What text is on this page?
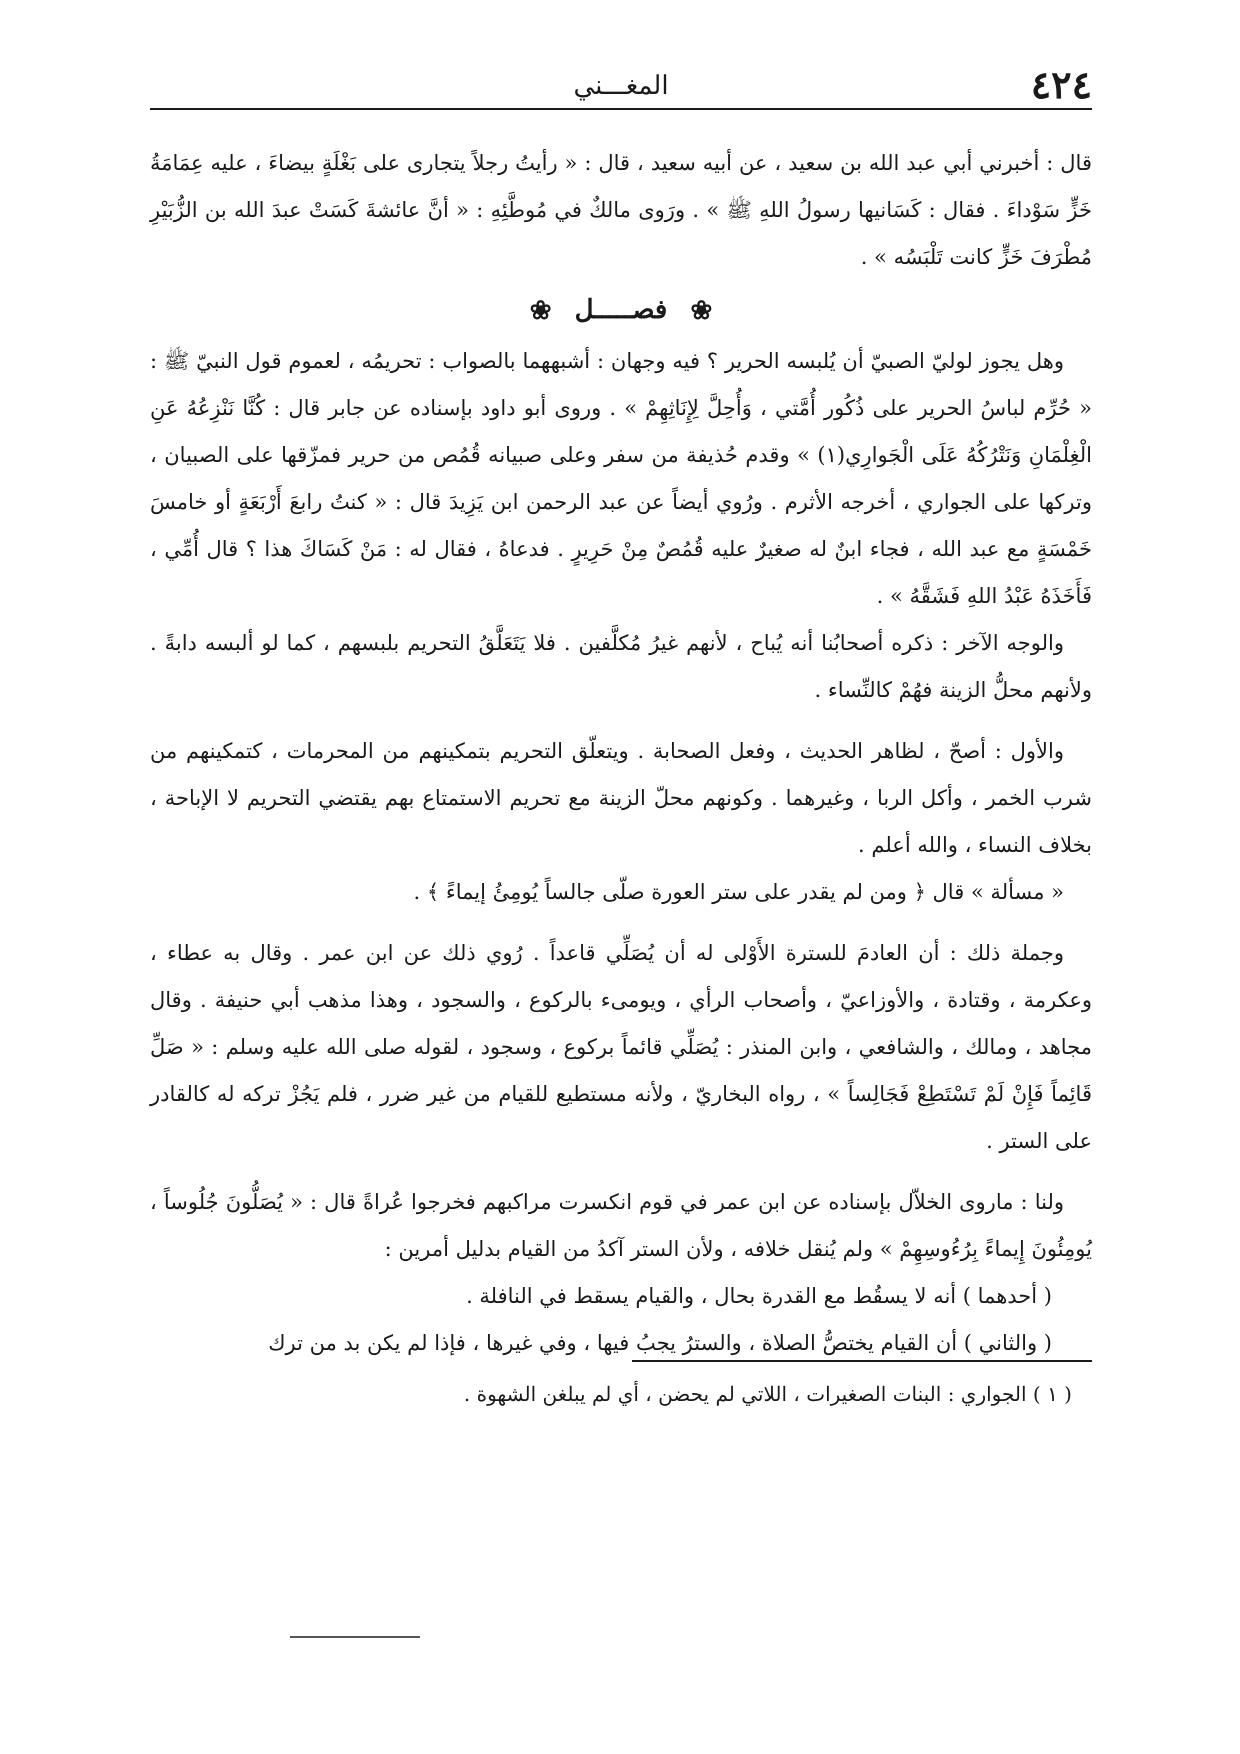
٤٢٤
المغـــني

قال : أخبرني أبي عبد الله بن سعيد ، عن أبيه سعيد ، قال : « رأيتُ رجلاً يتجارى على بَغْلَةٍ بيضاءَ ، عليه عِمَامَةُ خَزٍّ سَوْداءَ . فقال : كَسَانيها رسولُ اللهِ ﷺ » . ورَوى مالكٌ في مُوطَّئِهِ : « أنَّ عائشةَ كَسَتْ عبدَ الله بن الزُّبَيْرِ مُطْرَفَ خَزٍّ كانت تَلْبَسُه » .

❀ فصـــــل ❀

وهل يجوز لوليّ الصبيّ أن يُلبسه الحرير ؟ فيه وجهان : أشبههما بالصواب : تحريمُه ، لعموم قول النبيّ ﷺ : « حُرِّم لباسُ الحرير على ذُكُور أُمَّتي ، وَأُحِلَّ لِإِنَاثِهِمْ » . وروى أبو داود بإسناده عن جابر قال : كُنَّا نَنْزِعُهُ عَنِ الْغِلْمَانِ وَنَتْرُكُهُ عَلَى الْجَوارِي(١) » وقدم حُذيفة من سفر وعلى صبيانه قُمُص من حرير فمزّقها على الصبيان ، وتركها على الجواري ، أخرجه الأثرم . ورُوي أيضاً عن عبد الرحمن ابن يَزِيدَ قال : « كنتُ رابعَ أَرْبَعَةٍ أو خامسَ خَمْسَةٍ مع عبد الله ، فجاء ابنٌ له صغيرٌ عليه قُمُصٌ مِنْ حَرِيرٍ . فدعاهُ ، فقال له : مَنْ كَسَاكَ هذا ؟ قال أُمِّي ، فَأَخَذَهُ عَبْدُ اللهِ فَشَقَّهُ » .

والوجه الآخر : ذكره أصحابُنا أنه يُباح ، لأنهم غيرُ مُكلَّفين . فلا يَتَعَلَّقُ التحريم بلبسهم ، كما لو ألبسه دابةً . ولأنهم محلُّ الزينة فهُمْ كالنِّساء .

والأول : أصحّ ، لظاهر الحديث ، وفعل الصحابة . ويتعلّق التحريم بتمكينهم من المحرمات ، كتمكينهم من شرب الخمر ، وأكل الربا ، وغيرهما . وكونهم محلّ الزينة مع تحريم الاستمتاع بهم يقتضي التحريم لا الإباحة ، بخلاف النساء ، والله أعلم .

« مسألة » قال ﴿ ومن لم يقدر على ستر العورة صلّى جالساً يُومِئُ إيماءً ﴾ .

وجملة ذلك : أن العادمَ للسترة الأَوْلى له أن يُصَلِّي قاعداً . رُوي ذلك عن ابن عمر . وقال به عطاء ، وعكرمة ، وقتادة ، والأوزاعيّ ، وأصحاب الرأي ، ويومىء بالركوع ، والسجود ، وهذا مذهب أبي حنيفة . وقال مجاهد ، ومالك ، والشافعي ، وابن المنذر : يُصَلِّي قائماً بركوع ، وسجود ، لقوله صلى الله عليه وسلم : « صَلِّ قَائِماً فَإِنْ لَمْ تَسْتَطِعْ فَجَالِساً » ، رواه البخاريّ ، ولأنه مستطيع للقيام من غير ضرر ، فلم يَجُزْ تركه له كالقادر على الستر .

ولنا : ماروى الخلاّل بإسناده عن ابن عمر في قوم انكسرت مراكبهم فخرجوا عُراةً قال : « يُصَلُّونَ جُلُوساً ، يُومِئُونَ إِيماءً بِرُءُوسِهِمْ » ولم يُنقل خلافه ، ولأن الستر آكدُ من القيام بدليل أمرين :

( أحدهما ) أنه لا يسقُط مع القدرة بحال ، والقيام يسقط في النافلة .

( والثاني ) أن القيام يختصُّ الصلاة ، والسترُ يجبُ فيها ، وفي غيرها ، فإذا لم يكن بد من ترك

( ١ ) الجواري : البنات الصغيرات ، اللاتي لم يحضن ، أي لم يبلغن الشهوة .
